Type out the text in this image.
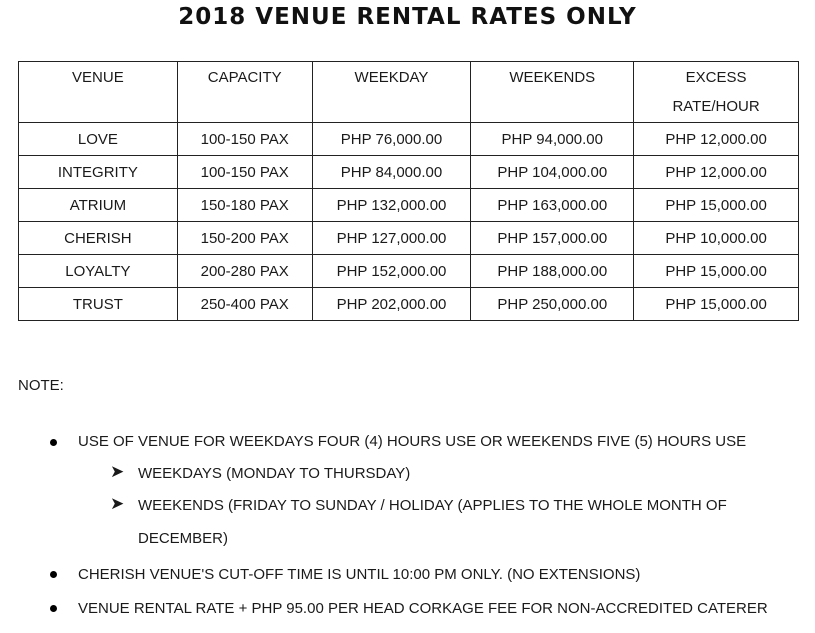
2018 VENUE RENTAL RATES ONLY
VENUE	CAPACITY	WEEKDAY	WEEKENDS	EXCESS
RATE/HOUR
LOVE	100-150 PAX	PHP 76,000.00	PHP 94,000.00	PHP 12,000.00
INTEGRITY	100-150 PAX	PHP 84,000.00	PHP 104,000.00	PHP 12,000.00
ATRIUM	150-180 PAX	PHP 132,000.00	PHP 163,000.00	PHP 15,000.00
CHERISH	150-200 PAX	PHP 127,000.00	PHP 157,000.00	PHP 10,000.00
LOYALTY	200-280 PAX	PHP 152,000.00	PHP 188,000.00	PHP 15,000.00
TRUST	250-400 PAX	PHP 202,000.00	PHP 250,000.00	PHP 15,000.00
NOTE:
USE OF VENUE FOR WEEKDAYS FOUR (4) HOURS USE OR WEEKENDS FIVE (5) HOURS USE
➤ WEEKDAYS (MONDAY TO THURSDAY)
➤ WEEKENDS (FRIDAY TO SUNDAY / HOLIDAY (APPLIES TO THE WHOLE MONTH OF
DECEMBER)
CHERISH VENUE'S CUT-OFF TIME IS UNTIL 10:00 PM ONLY. (NO EXTENSIONS)
VENUE RENTAL RATE + PHP 95.00 PER HEAD CORKAGE FEE FOR NON-ACCREDITED CATERER
